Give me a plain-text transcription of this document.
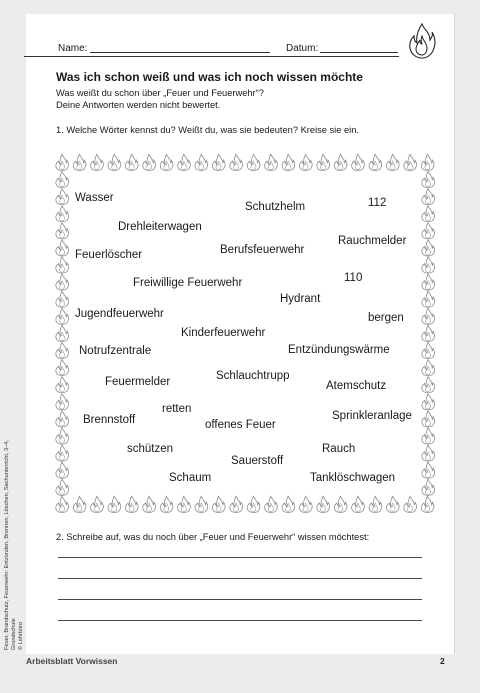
Name:	Datum:
Was ich schon weiß und was ich noch wissen möchte
Was weißt du schon über „Feuer und Feuerwehr“?
Deine Antworten werden nicht bewertet.
1. Welche Wörter kennst du? Weißt du, was sie bedeuten? Kreise sie ein.
Wasser
Schutzhelm	112
Drehleiterwagen
Rauchmelder
Feuerlöscher	Berufsfeuerwehr
110
Freiwillige Feuerwehr
Hydrant
Jugendfeuerwehr	bergen
Kinderfeuerwehr
Notrufzentrale	Entzündungswärme
Schlauchtrupp
Feuermelder	Atemschutz
retten
Brennstoff	Sprinkleranlage
offenes Feuer
schützen	Rauch
Sauerstoff
Schaum	Tanklöschwagen
2. Schreibe auf, was du noch über „Feuer und Feuerwehr“ wissen möchtest:
Feuer, Brandschutz, Feuerwehr: Entzünden, Brennen, Löschen, Sachunterricht, 3–4, Grundschule © Lehrbüro
Arbeitsblatt Vorwissen	2
